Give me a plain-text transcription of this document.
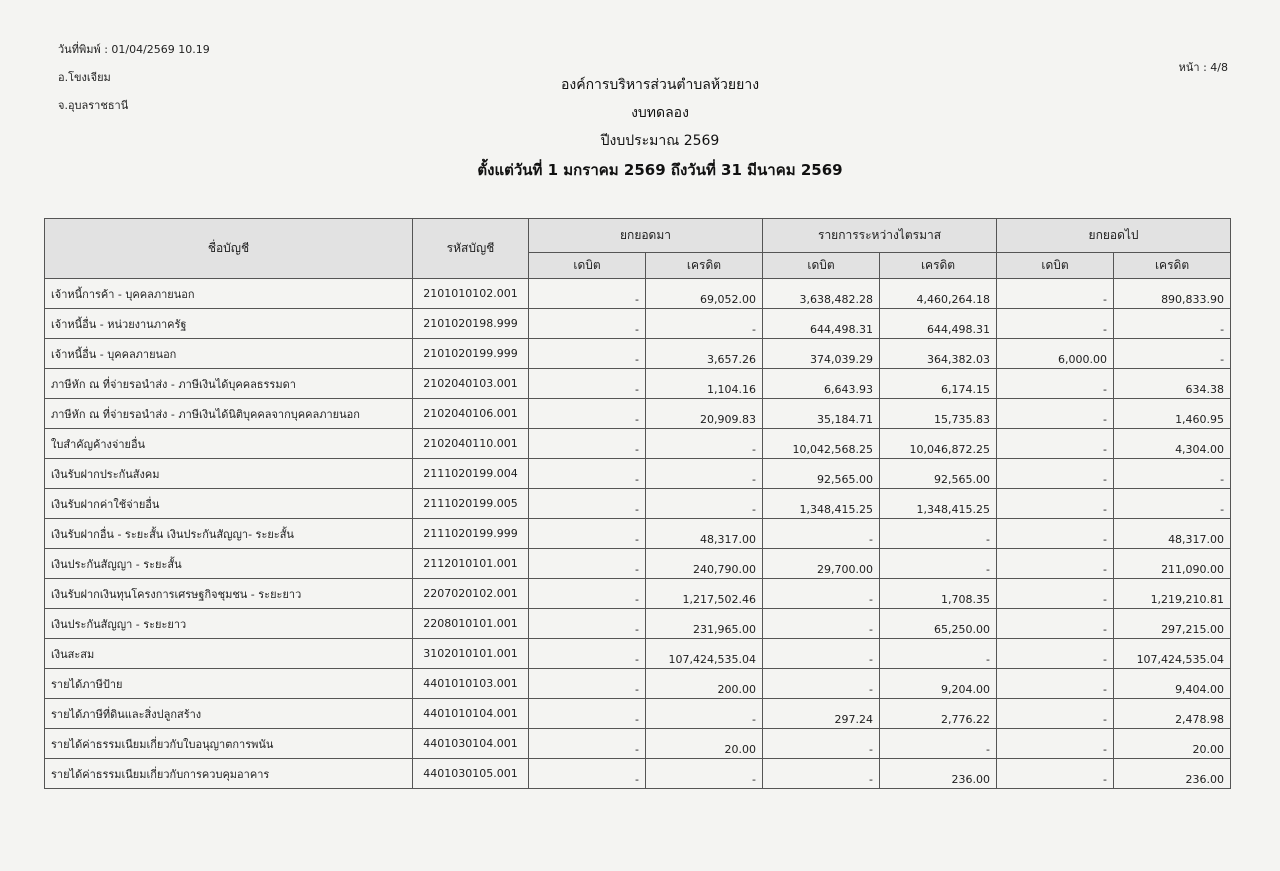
วันที่พิมพ์ : 01/04/2569 10.19
อ.โขงเจียม
จ.อุบลราชธานี
หน้า : 4/8
องค์การบริหารส่วนตำบลห้วยยาง
งบทดลอง
ปีงบประมาณ 2569
ตั้งแต่วันที่ 1 มกราคม 2569 ถึงวันที่ 31 มีนาคม 2569
ชื่อบัญชี	รหัสบัญชี	ยกยอดมา		รายการระหว่างไตรมาส		ยกยอดไป	
		เดบิต	เครดิต	เดบิต	เครดิต	เดบิต	เครดิต
เจ้าหนี้การค้า - บุคคลภายนอก	2101010102.001	-	69,052.00	3,638,482.28	4,460,264.18	-	890,833.90
เจ้าหนี้อื่น - หน่วยงานภาครัฐ	2101020198.999	-	-	644,498.31	644,498.31	-	-
เจ้าหนี้อื่น - บุคคลภายนอก	2101020199.999	-	3,657.26	374,039.29	364,382.03	6,000.00	-
ภาษีหัก ณ ที่จ่ายรอนำส่ง - ภาษีเงินได้บุคคลธรรมดา	2102040103.001	-	1,104.16	6,643.93	6,174.15	-	634.38
ภาษีหัก ณ ที่จ่ายรอนำส่ง - ภาษีเงินได้นิติบุคคลจากบุคคลภายนอก	2102040106.001	-	20,909.83	35,184.71	15,735.83	-	1,460.95
ใบสำคัญค้างจ่ายอื่น	2102040110.001	-	-	10,042,568.25	10,046,872.25	-	4,304.00
เงินรับฝากประกันสังคม	2111020199.004	-	-	92,565.00	92,565.00	-	-
เงินรับฝากค่าใช้จ่ายอื่น	2111020199.005	-	-	1,348,415.25	1,348,415.25	-	-
เงินรับฝากอื่น - ระยะสั้น เงินประกันสัญญา- ระยะสั้น	2111020199.999	-	48,317.00	-	-	-	48,317.00
เงินประกันสัญญา - ระยะสั้น	2112010101.001	-	240,790.00	29,700.00	-	-	211,090.00
เงินรับฝากเงินทุนโครงการเศรษฐกิจชุมชน - ระยะยาว	2207020102.001	-	1,217,502.46	-	1,708.35	-	1,219,210.81
เงินประกันสัญญา - ระยะยาว	2208010101.001	-	231,965.00	-	65,250.00	-	297,215.00
เงินสะสม	3102010101.001	-	107,424,535.04	-	-	-	107,424,535.04
รายได้ภาษีป้าย	4401010103.001	-	200.00	-	9,204.00	-	9,404.00
รายได้ภาษีที่ดินและสิ่งปลูกสร้าง	4401010104.001	-	-	297.24	2,776.22	-	2,478.98
รายได้ค่าธรรมเนียมเกี่ยวกับใบอนุญาตการพนัน	4401030104.001	-	20.00	-	-	-	20.00
รายได้ค่าธรรมเนียมเกี่ยวกับการควบคุมอาคาร	4401030105.001	-	-	-	236.00	-	236.00
